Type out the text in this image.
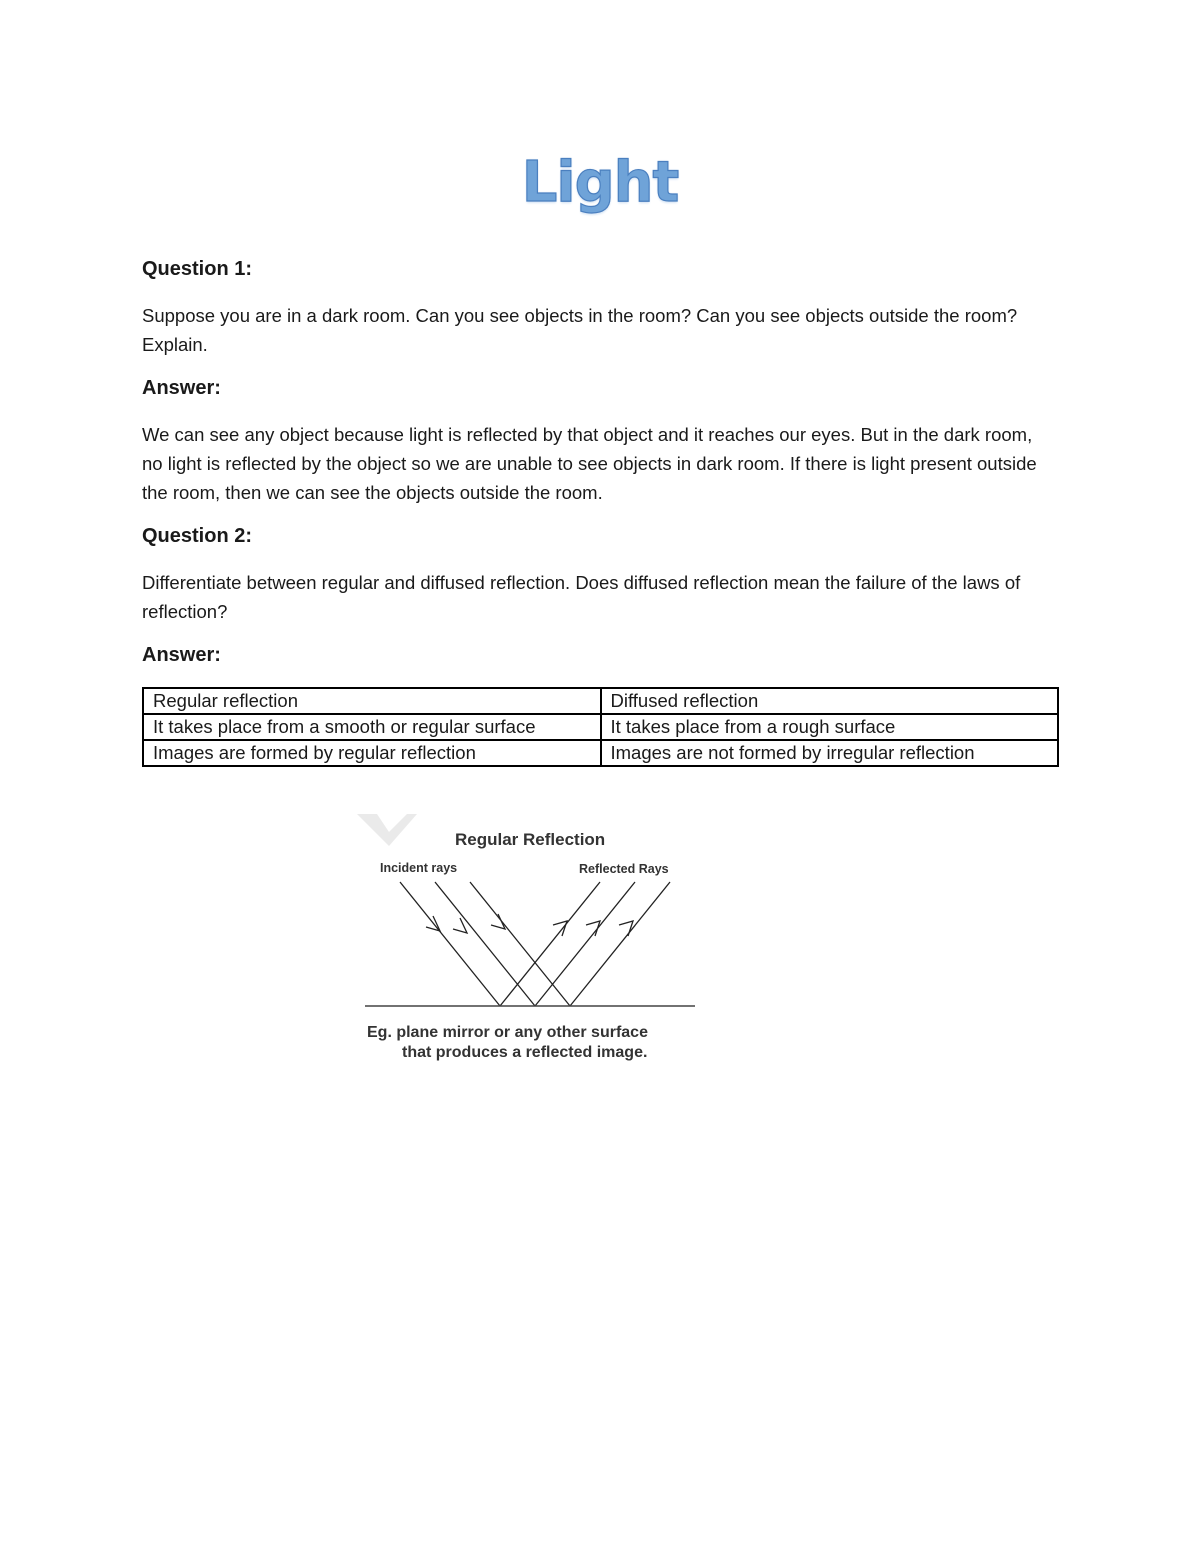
Light
Question 1:
Suppose you are in a dark room. Can you see objects in the room? Can you see objects outside the room? Explain.
Answer:
We can see any object because light is reflected by that object and it reaches our eyes. But in the dark room, no light is reflected by the object so we are unable to see objects in dark room. If there is light present outside the room, then we can see the objects outside the room.
Question 2:
Differentiate between regular and diffused reflection. Does diffused reflection mean the failure of the laws of reflection?
Answer:
Regular reflection	Diffused reflection
It takes place from a smooth or regular surface	It takes place from a rough surface
Images are formed by regular reflection	Images are not formed by irregular reflection
Regular Reflection
Incident rays	Reflected Rays
Eg. plane mirror or any other surface
that produces a reflected image.
